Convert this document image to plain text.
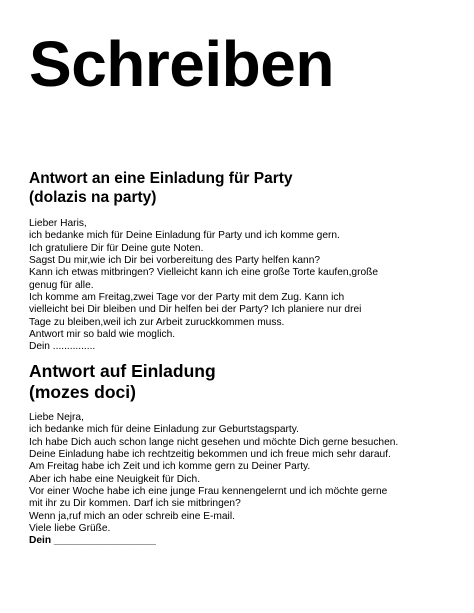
Schreiben
Antwort an eine Einladung für Party
(dolazis na party)
Lieber Haris,
ich bedanke mich für Deine Einladung für Party und ich komme gern.
Ich gratuliere Dir für Deine gute Noten.
Sagst Du mir,wie ich Dir bei vorbereitung des Party helfen kann?
Kann ich etwas mitbringen? Vielleicht kann ich eine große Torte kaufen,große
genug für alle.
Ich komme am Freitag,zwei Tage vor der Party mit dem Zug. Kann ich
vielleicht bei Dir bleiben und Dir helfen bei der Party? Ich planiere nur drei
Tage zu bleiben,weil ich zur Arbeit zuruckkommen muss.
Antwort mir so bald wie moglich.
Dein ...............
Antwort auf Einladung
(mozes doci)
Liebe Nejra,
ich bedanke mich für deine Einladung zur Geburtstagsparty.
Ich habe Dich auch schon lange nicht gesehen und möchte Dich gerne besuchen.
Deine Einladung habe ich rechtzeitig bekommen und ich freue mich sehr darauf.
Am Freitag habe ich Zeit und ich komme gern zu Deiner Party.
Aber ich habe eine Neuigkeit für Dich.
Vor einer Woche habe ich eine junge Frau kennengelernt und ich möchte gerne
mit ihr zu Dir kommen. Darf ich sie mitbringen?
Wenn ja,ruf mich an oder schreib eine E-mail.
Viele liebe Grüße.
Dein __________________
